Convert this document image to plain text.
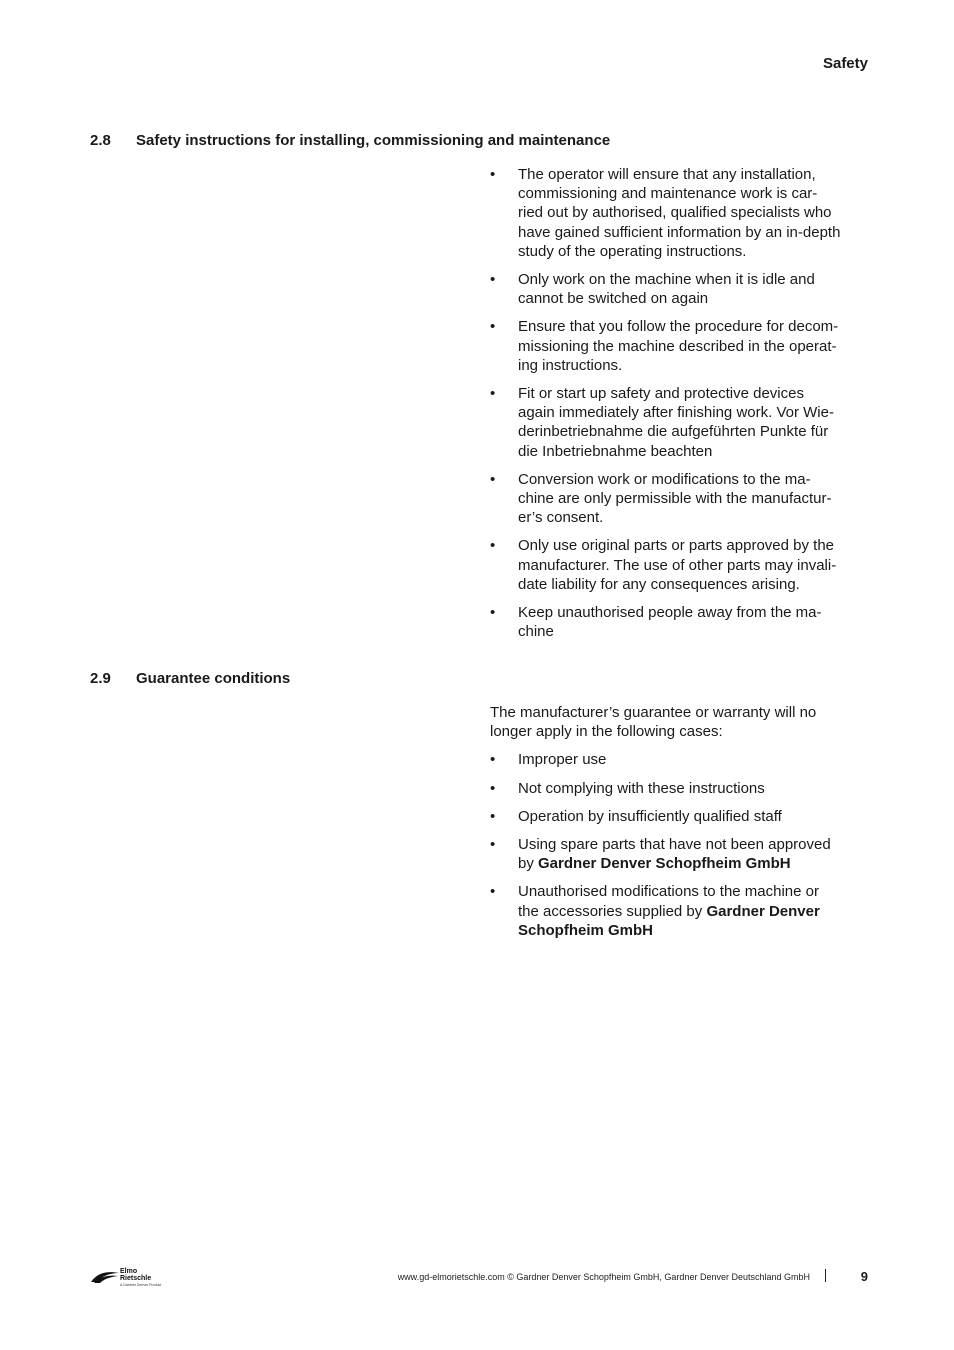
Safety
2.8 Safety instructions for installing, commissioning and maintenance
• The operator will ensure that any installation,
commissioning and maintenance work is car-
ried out by authorised, qualified specialists who
have gained sufficient information by an in-depth
study of the operating instructions.
• Only work on the machine when it is idle and
cannot be switched on again
• Ensure that you follow the procedure for decom-
missioning the machine described in the operat-
ing instructions.
• Fit or start up safety and protective devices
again immediately after finishing work. Vor Wie-
derinbetriebnahme die aufgeführten Punkte für
die Inbetriebnahme beachten
• Conversion work or modifications to the ma-
chine are only permissible with the manufactur-
er’s consent.
• Only use original parts or parts approved by the
manufacturer. The use of other parts may invali-
date liability for any consequences arising.
• Keep unauthorised people away from the ma-
chine
2.9 Guarantee conditions

The manufacturer’s guarantee or warranty will no
longer apply in the following cases:

• Improper use
• Not complying with these instructions
• Operation by insufficiently qualified staff
• Using spare parts that have not been approved
by Gardner Denver Schopfheim GmbH
• Unauthorised modifications to the machine or
the accessories supplied by Gardner Denver
Schopfheim GmbH
Elmo
Rietschle
A Gardner Denver Product
www.gd-elmorietschle.com © Gardner Denver Schopfheim GmbH, Gardner Denver Deutschland GmbH	9
